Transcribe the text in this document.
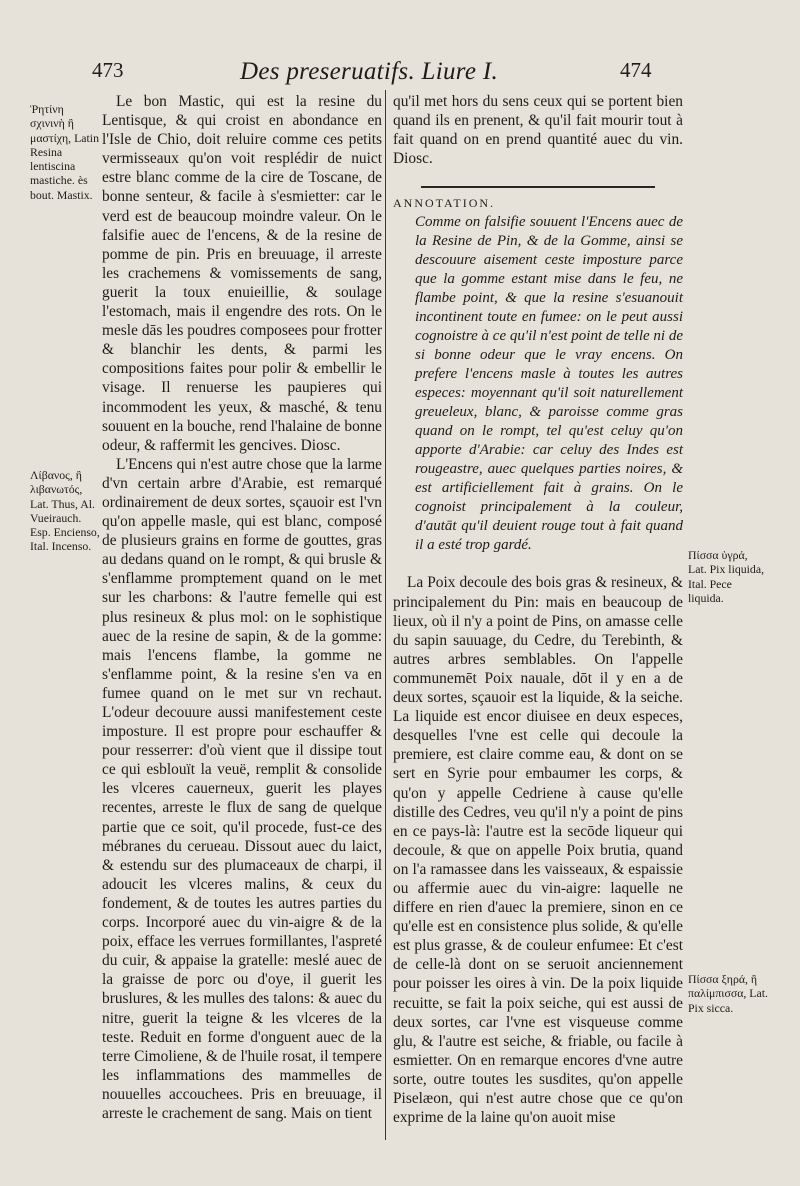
473	Des preseruatifs. Liure I.	474
Ῥητίνη σχινινὴ ἢ μαστίχη, Latin Resina lentiscina mastiche. ès bout. Mastix.
Λίβανος, ἢ λιβανωτός, Lat. Thus, Al. Vueirauch. Esp. Encienso, Ital. Incenso.
Πίσσα ὑγρά, Lat. Pix liquida, Ital. Pece liquida.
Πίσσα ξηρά, ἢ παλίμπισσα, Lat. Pix sicca.

Le bon Mastic, qui est la resine du Lentisque, & qui croist en abondance en l'Isle de Chio, doit reluire comme ces petits vermisseaux qu'on voit resplédir de nuict estre blanc comme de la cire de Toscane, de bonne senteur, & facile à s'esmietter: car le verd est de beaucoup moindre valeur. On le falsifie auec de l'encens, & de la resine de pomme de pin. Pris en breuuage, il arreste les crachemens & vomissements de sang, guerit la toux enuieillie, & soulage l'estomach, mais il engendre des rots. On le mesle dās les poudres composees pour frotter & blanchir les dents, & parmi les compositions faites pour polir & embellir le visage. Il renuerse les paupieres qui incommodent les yeux, & masché, & tenu souuent en la bouche, rend l'halaine de bonne odeur, & raffermit les gencives. Diosc.

L'Encens qui n'est autre chose que la larme d'vn certain arbre d'Arabie, est remarqué ordinairement de deux sortes, sçauoir est l'vn qu'on appelle masle, qui est blanc, composé de plusieurs grains en forme de gouttes, gras au dedans quand on le rompt, & qui brusle & s'enflamme promptement quand on le met sur les charbons: & l'autre femelle qui est plus resineux & plus mol: on le sophistique auec de la resine de sapin, & de la gomme: mais l'encens flambe, la gomme ne s'enflamme point, & la resine s'en va en fumee quand on le met sur vn rechaut. L'odeur decouure aussi manifestement ceste imposture. Il est propre pour eschauffer & pour resserrer: d'où vient que il dissipe tout ce qui esblouït la veuë, remplit & consolide les vlceres cauerneux, guerit les playes recentes, arreste le flux de sang de quelque partie que ce soit, qu'il procede, fust-ce des mébranes du cerueau. Dissout auec du laict, & estendu sur des plumaceaux de charpi, il adoucit les vlceres malins, & ceux du fondement, & de toutes les autres parties du corps. Incorporé auec du vin-aigre & de la poix, efface les verrues formillantes, l'aspreté du cuir, & appaise la gratelle: meslé auec de la graisse de porc ou d'oye, il guerit les bruslures, & les mulles des talons: & auec du nitre, guerit la teigne & les vlceres de la teste. Reduit en forme d'onguent auec de la terre Cimoliene, & de l'huile rosat, il tempere les inflammations des mammelles de nouuelles accouchees. Pris en breuuage, il arreste le crachement de sang. Mais on tient

qu'il met hors du sens ceux qui se portent bien quand ils en prenent, & qu'il fait mourir tout à fait quand on en prend quantité auec du vin. Diosc.

ANNOTATION.

Comme on falsifie souuent l'Encens auec de la Resine de Pin, & de la Gomme, ainsi se descouure aisement ceste imposture parce que la gomme estant mise dans le feu, ne flambe point, & que la resine s'esuanouit incontinent toute en fumee: on le peut aussi cognoistre à ce qu'il n'est point de telle ni de si bonne odeur que le vray encens. On prefere l'encens masle à toutes les autres especes: moyennant qu'il soit naturellement greueleux, blanc, & paroisse comme gras quand on le rompt, tel qu'est celuy qu'on apporte d'Arabie: car celuy des Indes est rougeastre, auec quelques parties noires, & est artificiellement fait à grains. On le cognoist principalement à la couleur, d'autāt qu'il deuient rouge tout à fait quand il a esté trop gardé.

La Poix decoule des bois gras & resineux, & principalement du Pin: mais en beaucoup de lieux, où il n'y a point de Pins, on amasse celle du sapin sauuage, du Cedre, du Terebinth, & autres arbres semblables. On l'appelle communemēt Poix nauale, dōt il y en a de deux sortes, sçauoir est la liquide, & la seiche. La liquide est encor diuisee en deux especes, desquelles l'vne est celle qui decoule la premiere, est claire comme eau, & dont on se sert en Syrie pour embaumer les corps, & qu'on y appelle Cedriene à cause qu'elle distille des Cedres, veu qu'il n'y a point de pins en ce pays-là: l'autre est la secōde liqueur qui decoule, & que on appelle Poix brutia, quand on l'a ramassee dans les vaisseaux, & espaissie ou affermie auec du vin-aigre: laquelle ne differe en rien d'auec la premiere, sinon en ce qu'elle est en consistence plus solide, & qu'elle est plus grasse, & de couleur enfumee: Et c'est de celle-là dont on se seruoit anciennement pour poisser les oires à vin. De la poix liquide recuitte, se fait la poix seiche, qui est aussi de deux sortes, car l'vne est visqueuse comme glu, & l'autre est seiche, & friable, ou facile à esmietter. On en remarque encores d'vne autre sorte, outre toutes les susdites, qu'on appelle Piselæon, qui n'est autre chose que ce qu'on exprime de la laine qu'on auoit mise
